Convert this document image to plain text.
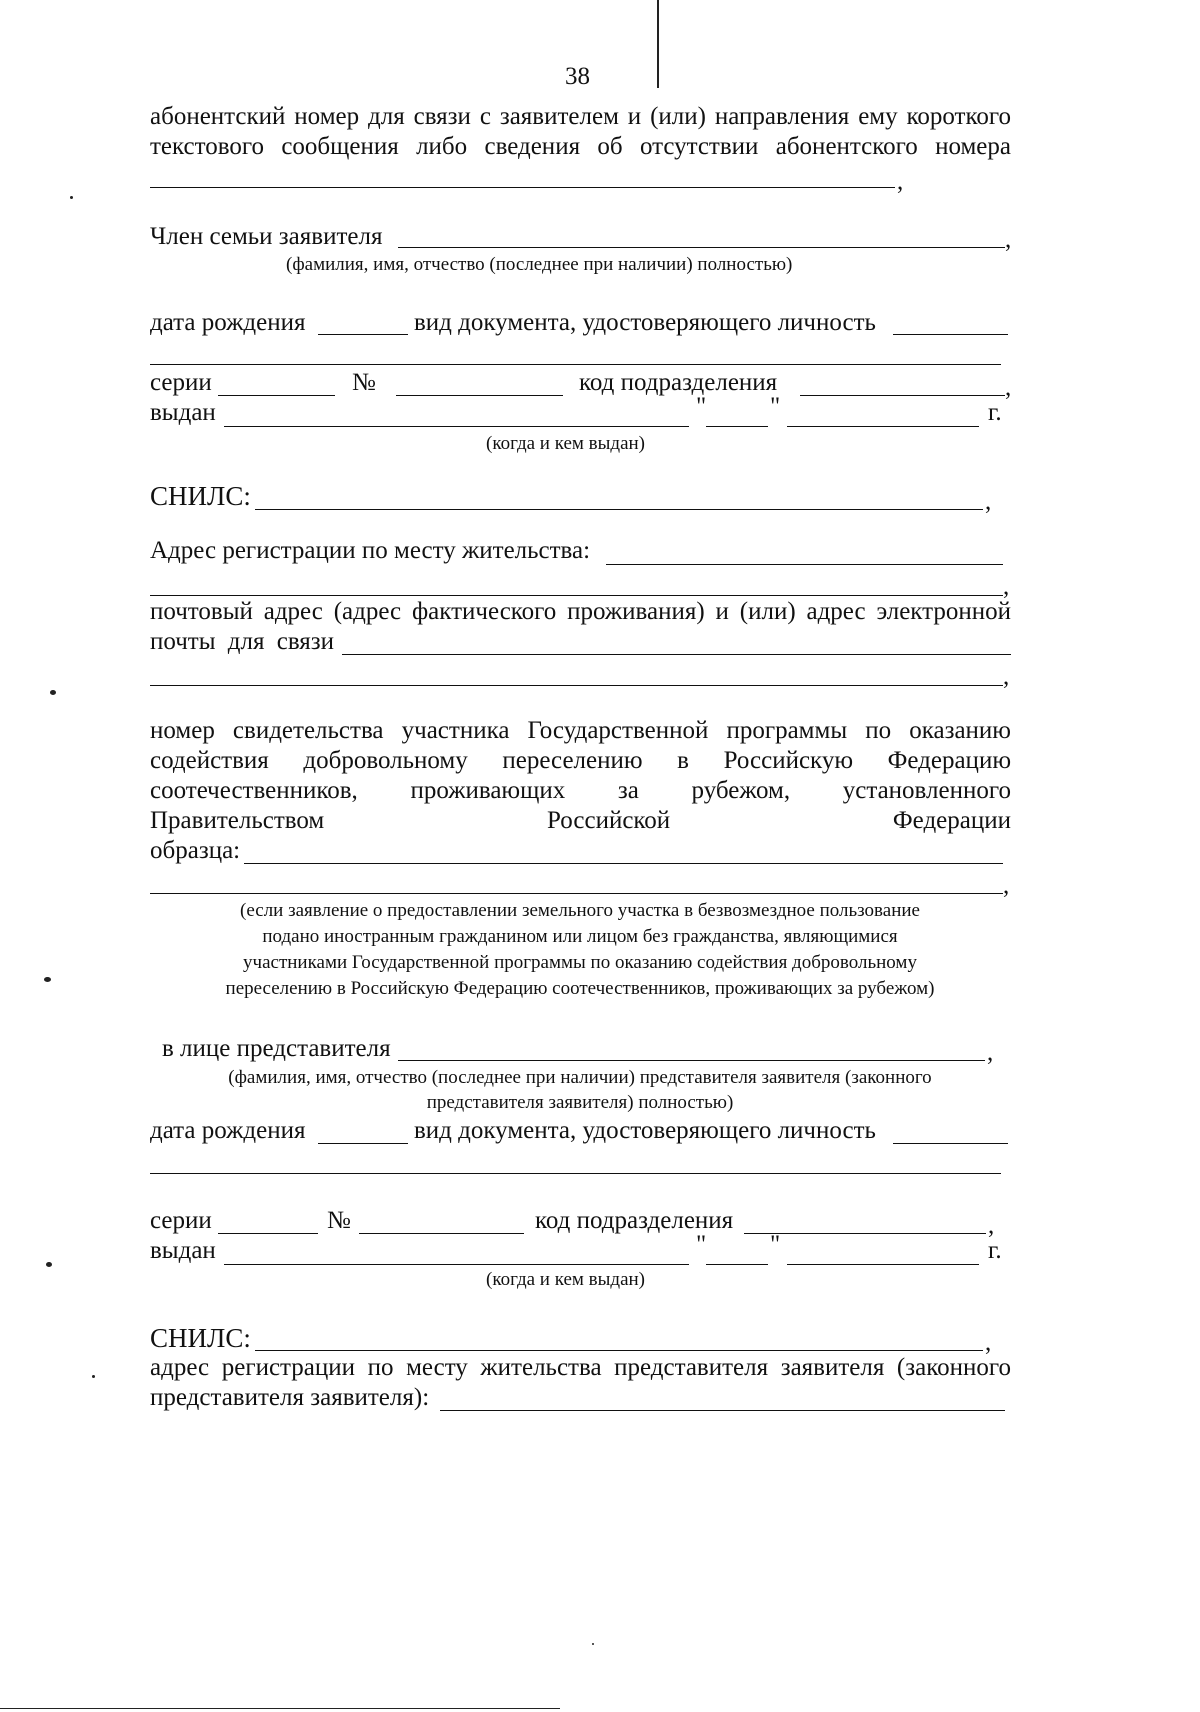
38
абонентский номер для связи с заявителем и (или) направления ему короткого
текстового сообщения либо сведения об отсутствии абонентского номера
,
Член семьи заявителя	,
(фамилия, имя, отчество (последнее при наличии) полностью)
дата рождения	вид документа, удостоверяющего личность
серии	№	код подразделения	,
выдан	"	"	г.
(когда и кем выдан)
СНИЛС:	,
Адрес регистрации по месту жительства:
,
почтовый адрес (адрес фактического проживания) и (или) адрес электронной
почты для связи
,
номер свидетельства участника Государственной программы по оказанию
содействия добровольному переселению в Российскую Федерацию
соотечественников, проживающих за рубежом, установленного
Правительством Российской Федерации
образца:
,
(если заявление о предоставлении земельного участка в безвозмездное пользование
подано иностранным гражданином или лицом без гражданства, являющимися
участниками Государственной программы по оказанию содействия добровольному
переселению в Российскую Федерацию соотечественников, проживающих за рубежом)
в лице представителя	,
(фамилия, имя, отчество (последнее при наличии) представителя заявителя (законного
представителя заявителя) полностью)
дата рождения	вид документа, удостоверяющего личность
серии	№	код подразделения	,
выдан	"	"	г.
(когда и кем выдан)
СНИЛС:	,
адрес регистрации по месту жительства представителя заявителя (законного
представителя заявителя):
